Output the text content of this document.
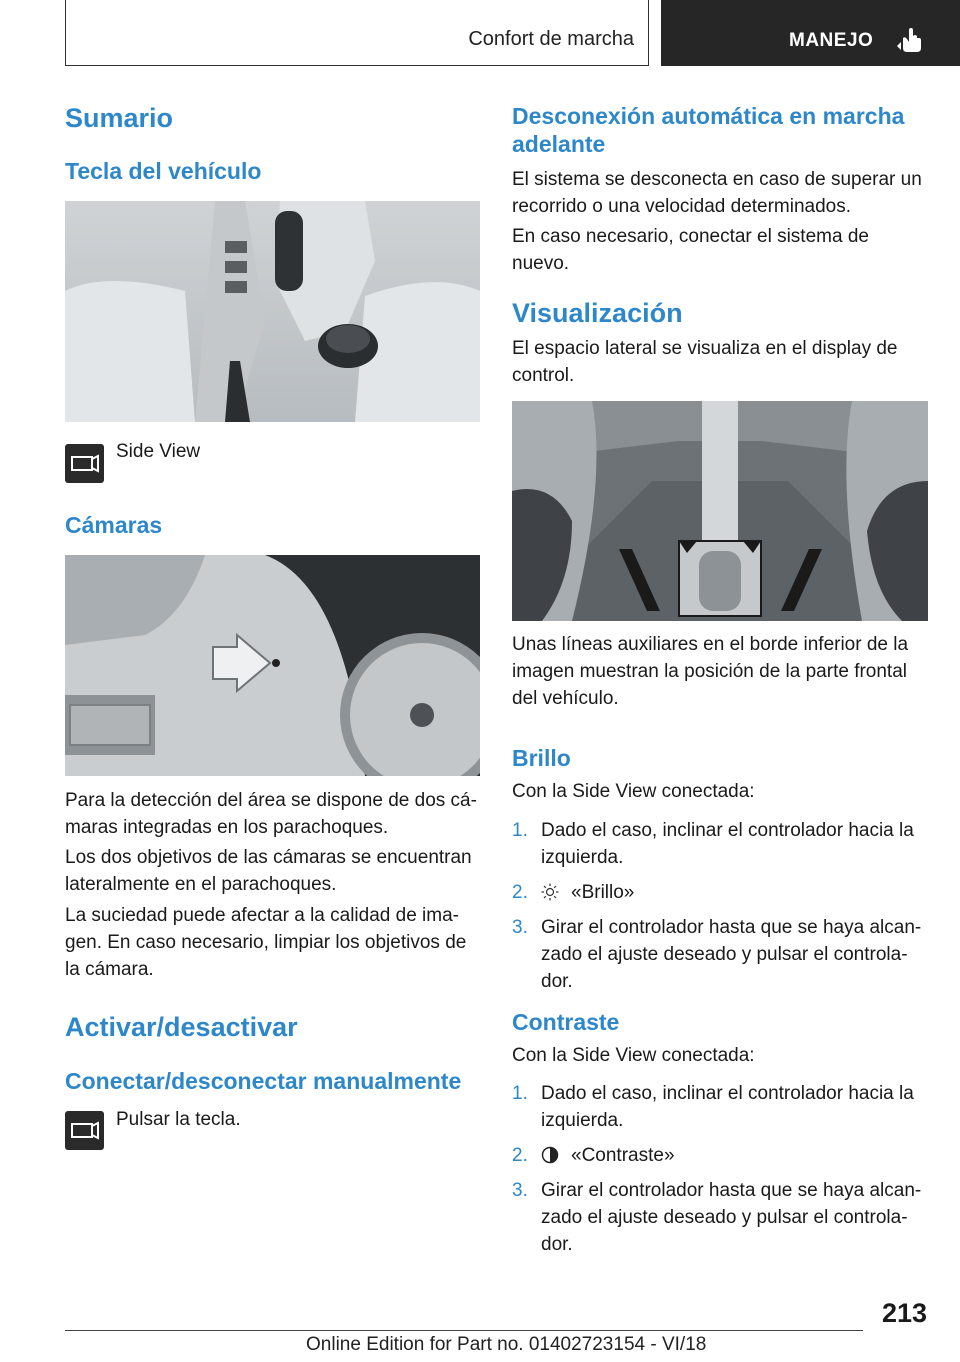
Confort de marcha	MANEJO
Sumario
Tecla del vehículo

Side View

Cámaras

Para la detección del área se dispone de dos cámaras integradas en los parachoques.

Los dos objetivos de las cámaras se encuentran lateralmente en el parachoques.

La suciedad puede afectar a la calidad de imagen. En caso necesario, limpiar los objetivos de la cámara.

Activar/desactivar
Conectar/desconectar manualmente

Pulsar la tecla.

Desconexión automática en marcha adelante

El sistema se desconecta en caso de superar un recorrido o una velocidad determinados.

En caso necesario, conectar el sistema de nuevo.

Visualización

El espacio lateral se visualiza en el display de control.

Unas líneas auxiliares en el borde inferior de la imagen muestran la posición de la parte frontal del vehículo.

Brillo

Con la Side View conectada:

1. Dado el caso, inclinar el controlador hacia la izquierda.
2. «Brillo»
3. Girar el controlador hasta que se haya alcanzado el ajuste deseado y pulsar el controlador.
Contraste

Con la Side View conectada:

1. Dado el caso, inclinar el controlador hacia la izquierda.
2. «Contraste»
3. Girar el controlador hasta que se haya alcanzado el ajuste deseado y pulsar el controlador.
213
Online Edition for Part no. 01402723154 - VI/18
